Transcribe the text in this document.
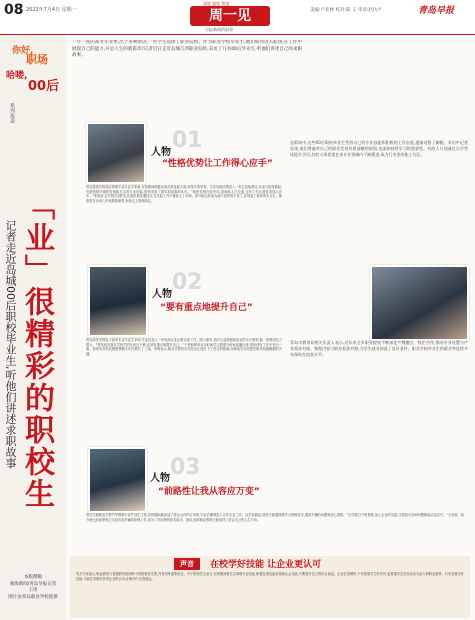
08 2022年7月4日 星期一
深度 温度 锐度
周一见
早报新闻的叙事
美编:卢亚林 校对:陈 义 审读:赵仿卢	青岛早报
你好,
职场
哈喽,
00后
系列报道
「业」很精彩的职校生
记者走近岛城00后职校毕业生,听他们讲述求职故事
本版撰稿
观海新闻/青岛早报记者
王彤
图片由青岛职业学校提供
一年一度的高考毕业季,出于多种原因,一些学生选择了职业院校。作为职业学校毕业生,他们如何进入职场,在工作中展现自己的能力,开启人生的新篇章?记者近日走近岛城几所职业院校,采访了几名00后毕业生,听他们讲述自己的求职故事。
在职场中,这些00后职校毕业生凭借自己的专业技能和积极的工作态度,逐渐站稳了脚跟。采访中记者发现,他们普遍对自己的职业发展有着清晰的规划,也深知持续学习的重要性。有的人计划通过自学考试提升学历,有的人则希望在本专业领域内不断精进,成为行业里的能工巧匠。
人物 01
“性格优势让工作得心应手”
青岛旅游学校酒店管理专业毕业生张雨,在校期间积极参加各类技能大赛,获得多项荣誉。毕业后她应聘进入一家五星级酒店,从前台接待做起,凭借热情开朗的性格和扎实的专业技能,很快得到了领导和同事的认可。“我的性格比较外向,喜欢和人打交道,这份工作让我觉得得心应手。”张雨说,在学校学到的礼仪知识和沟通技巧,在实际工作中都派上了用场。如今她已经成为前厅部的骨干员工,还带起了新来的实习生。她希望在未来几年里继续深造,争取走上管理岗位。
人物 02
“要有重点地提升自己”
青岛商务学校电子商务专业毕业生李明,毕业后进入一家电商企业从事运营工作。刚入职时,面对大量数据和复杂的平台规则,他一度感到压力很大。“我发现光靠在学校学的东西还不够,必须有重点地提升自己。”于是他利用业余时间学习数据分析和直播运营,很快便在工作中独当一面。他所负责的店铺销售额半年内增长了三成。李明表示,职业学校的学习经历让他打下了坚实的基础,而持续学习则是在职场站稳脚跟的关键。
青岛市教育局相关负责人表示,近年来全市职业院校不断深化产教融合、校企合作,推动专业设置与产业需求对接、课程内容与职业标准对接,为学生就业创造了良好条件。职业学校毕业生的就业率连续多年保持在较高水平。
人物 03
“前路性让我从容应万变”
青岛交通职业学校汽车维修专业毕业生王浩,在校期间就参加了校企合作的订单班,毕业后顺利进入合作企业工作。从学徒做起,他每天跟着师傅学习维修技术,遇到不懂的问题就虚心请教。“在学校打下的基础,加上企业的实践,让我面对各种问题都能从容应对。”王浩说。如今他已经能够独立完成各类车辆的检修工作,成为了车间里的技术能手。他说,选择职业教育让他找到了适合自己的人生方向。
声音	在校学好技能 让企业更认可
有关专家表示,职业教育与普通教育是两种不同的教育类型,具有同等重要地位。对于职校学生而言,在校期间要扎实掌握专业技能,积极参加技能竞赛和社会实践,不断提升自己的综合素质。企业在招聘时,不仅看重学生的学历,更看重学生的实际动手能力和职业素养。只有在校学好技能,才能在求职时获得企业的认可,在职场中走得更远。
